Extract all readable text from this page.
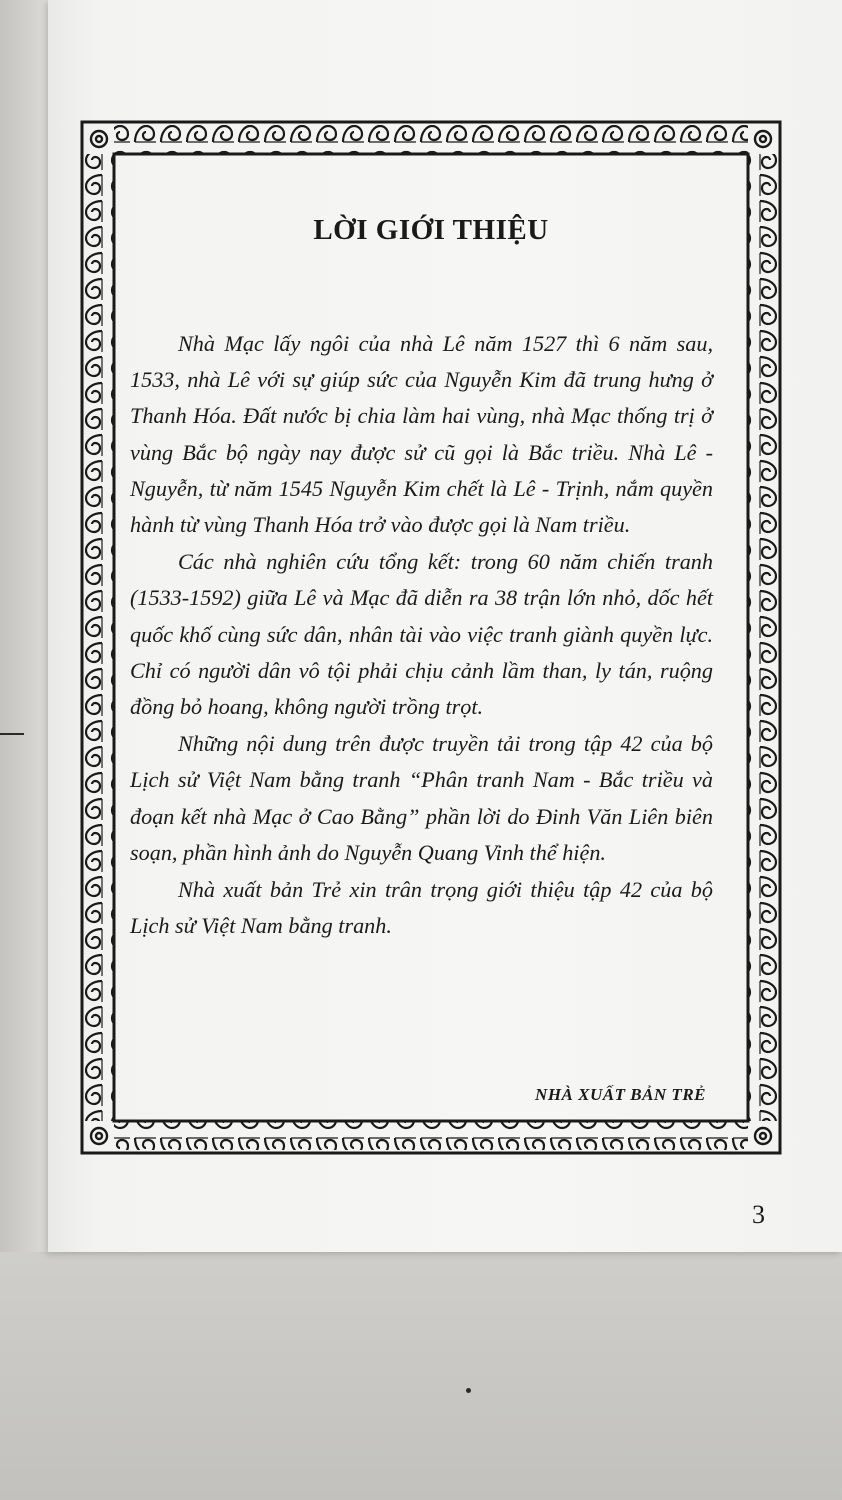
LỜI GIỚI THIỆU

Nhà Mạc lấy ngôi của nhà Lê năm 1527 thì 6 năm sau, 1533, nhà Lê với sự giúp sức của Nguyễn Kim đã trung hưng ở Thanh Hóa. Đất nước bị chia làm hai vùng, nhà Mạc thống trị ở vùng Bắc bộ ngày nay được sử cũ gọi là Bắc triều. Nhà Lê - Nguyễn, từ năm 1545 Nguyễn Kim chết là Lê - Trịnh, nắm quyền hành từ vùng Thanh Hóa trở vào được gọi là Nam triều.

Các nhà nghiên cứu tổng kết: trong 60 năm chiến tranh (1533-1592) giữa Lê và Mạc đã diễn ra 38 trận lớn nhỏ, dốc hết quốc khố cùng sức dân, nhân tài vào việc tranh giành quyền lực. Chỉ có người dân vô tội phải chịu cảnh lầm than, ly tán, ruộng đồng bỏ hoang, không người trồng trọt.

Những nội dung trên được truyền tải trong tập 42 của bộ Lịch sử Việt Nam bằng tranh “Phân tranh Nam - Bắc triều và đoạn kết nhà Mạc ở Cao Bằng” phần lời do Đinh Văn Liên biên soạn, phần hình ảnh do Nguyễn Quang Vinh thể hiện.

Nhà xuất bản Trẻ xin trân trọng giới thiệu tập 42 của bộ Lịch sử Việt Nam bằng tranh.

NHÀ XUẤT BẢN TRẺ
3
